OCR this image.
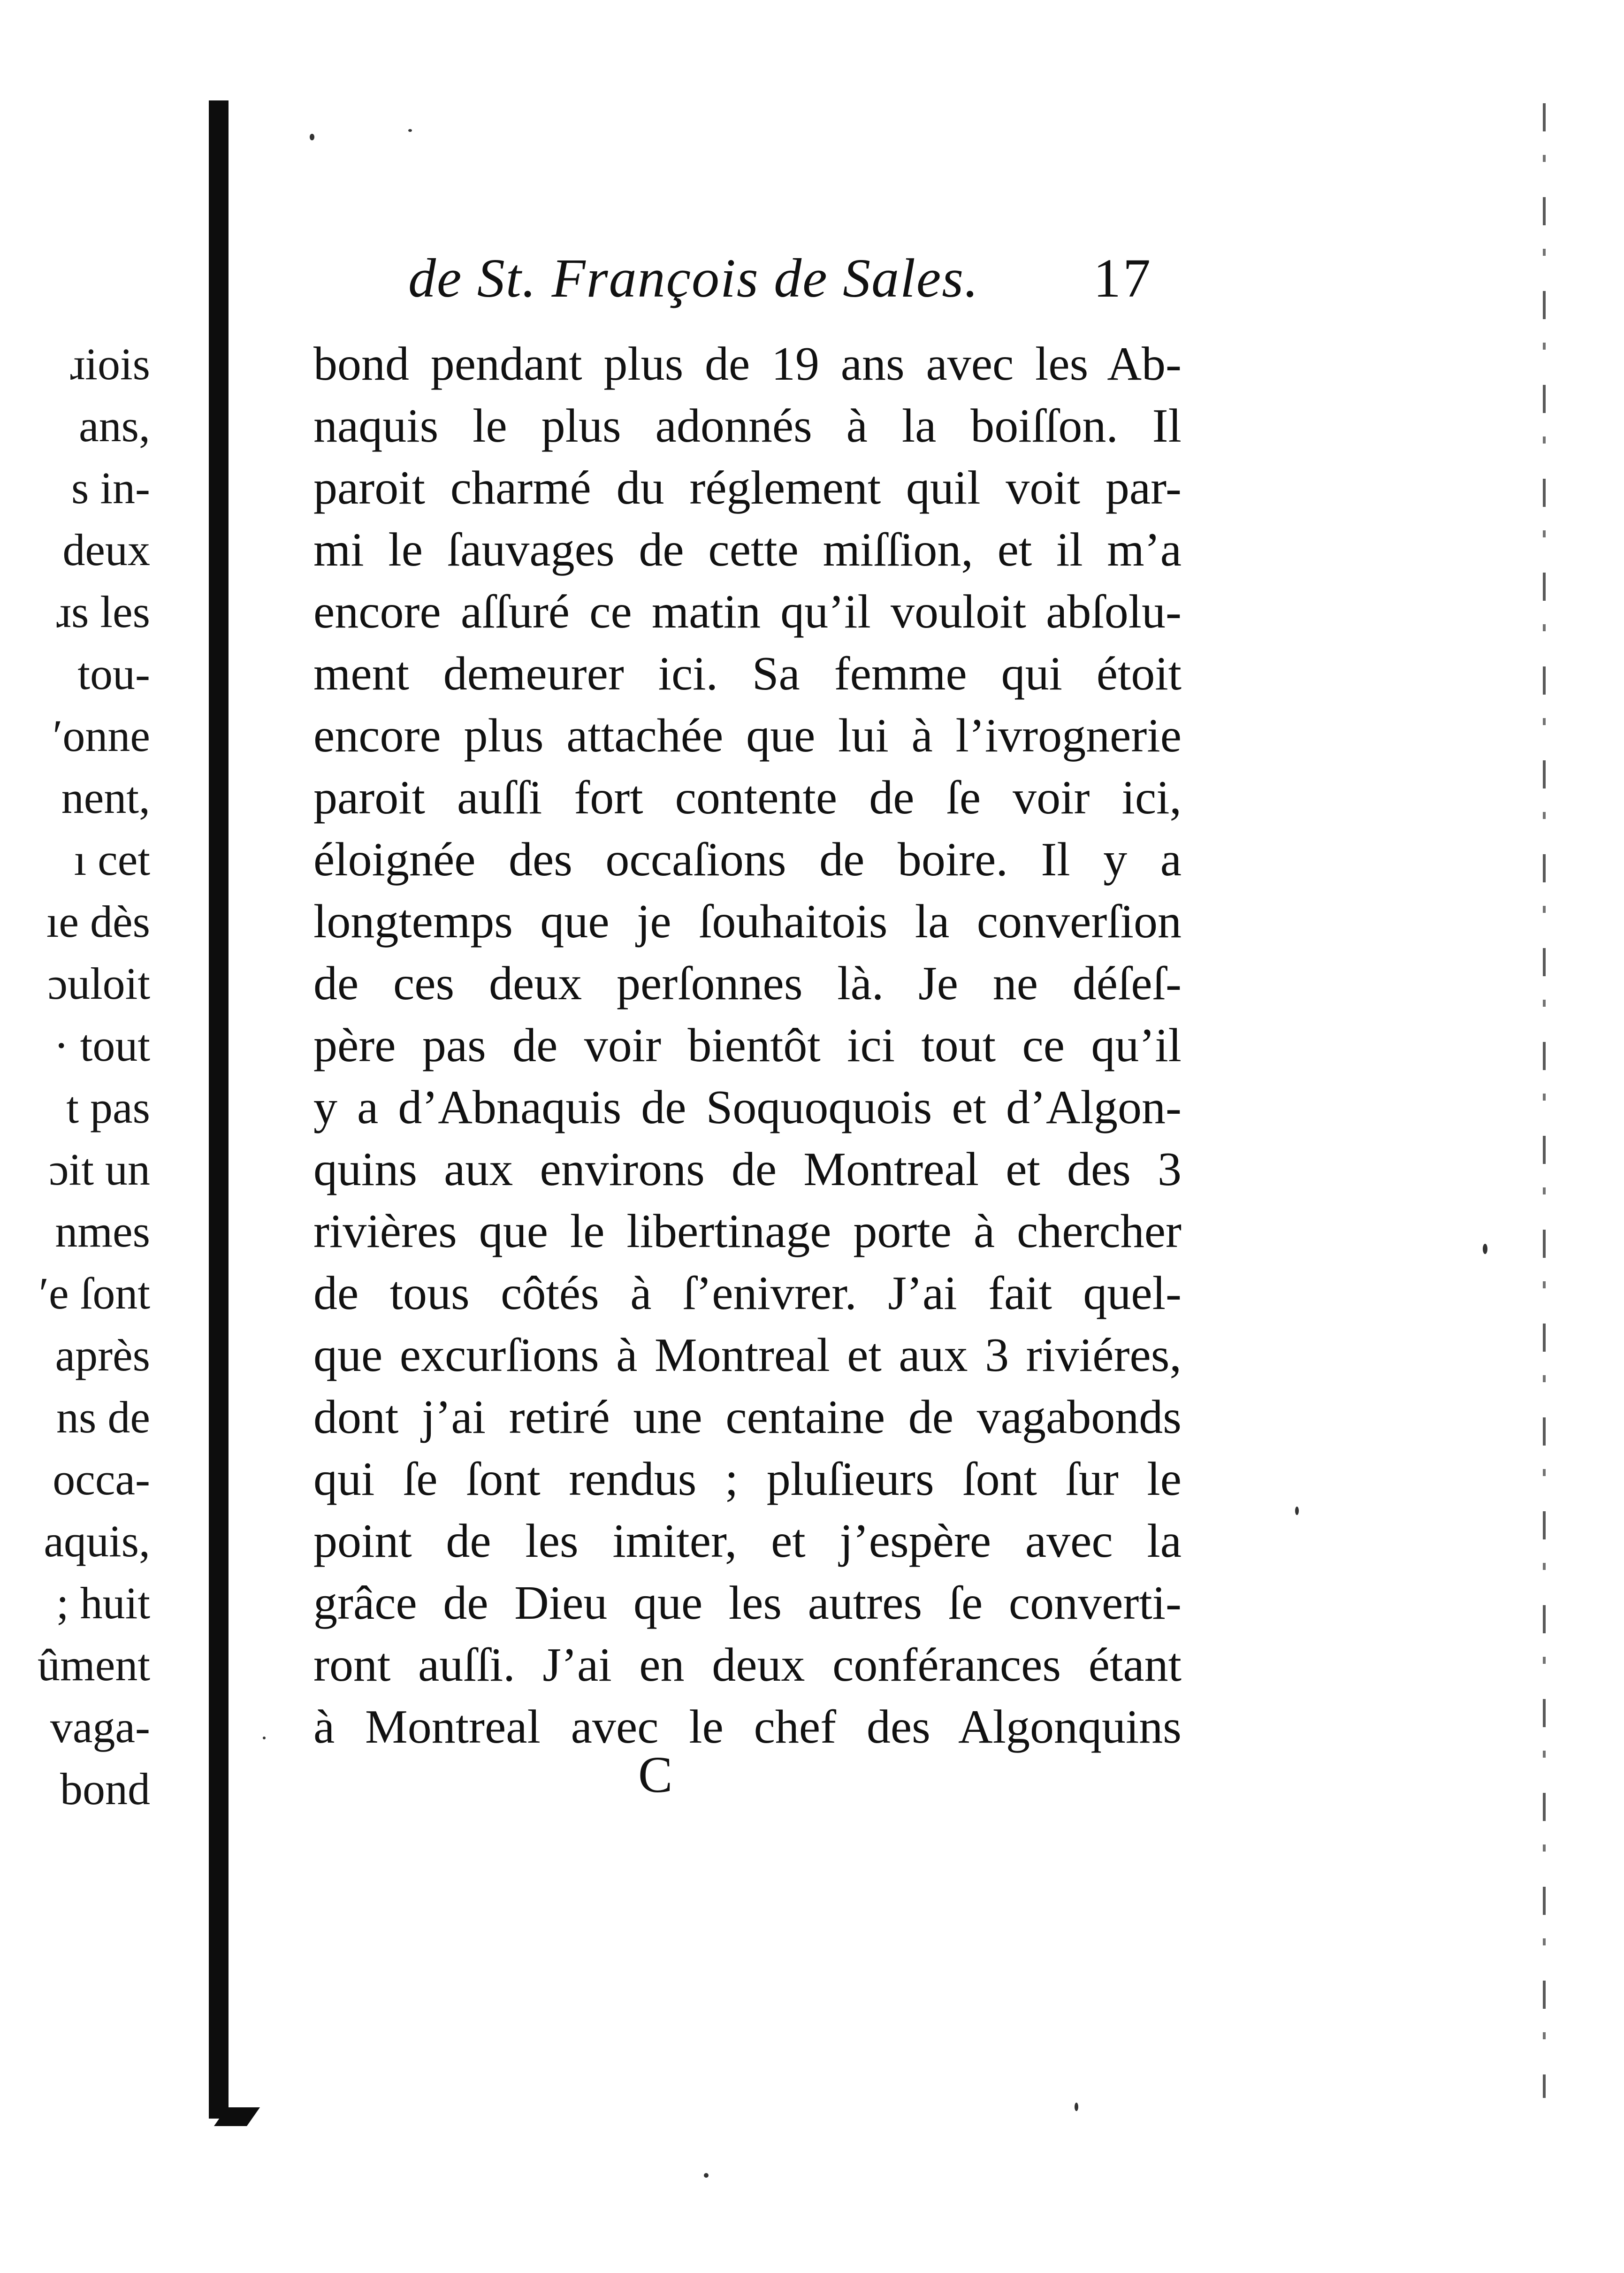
ɹiois
ans,
s in-
deux
ɹs les
tou-
ʹonne
nent,
ı cet
ıe dès
ɔuloit
· tout
t pas
ɔit un
nmes
ʹe ſont
après
ns de
occa-
aquis,
; huit
ûment
vaga-
bond
de St. François de Sales. 17
bond pendant plus de 19 ans avec les Ab-
naquis le plus adonnés à la boiſſon. Il
paroit charmé du réglement quil voit par-
mi le ſauvages de cette miſſion, et il m’a
encore aſſuré ce matin qu’il vouloit abſolu-
ment demeurer ici. Sa femme qui étoit
encore plus attachée que lui à l’ivrognerie
paroit auſſi fort contente de ſe voir ici,
éloignée des occaſions de boire. Il y a
longtemps que je ſouhaitois la converſion
de ces deux perſonnes là. Je ne déſeſ-
père pas de voir bientôt ici tout ce qu’il
y a d’Abnaquis de Soquoquois et d’Algon-
quins aux environs de Montreal et des 3
rivières que le libertinage porte à chercher
de tous côtés à ſ’enivrer. J’ai fait quel-
que excurſions à Montreal et aux 3 riviéres,
dont j’ai retiré une centaine de vagabonds
qui ſe ſont rendus ; pluſieurs ſont ſur le
point de les imiter, et j’espère avec la
grâce de Dieu que les autres ſe converti-
ront auſſi. J’ai en deux conférances étant
à Montreal avec le chef des Algonquins
C
